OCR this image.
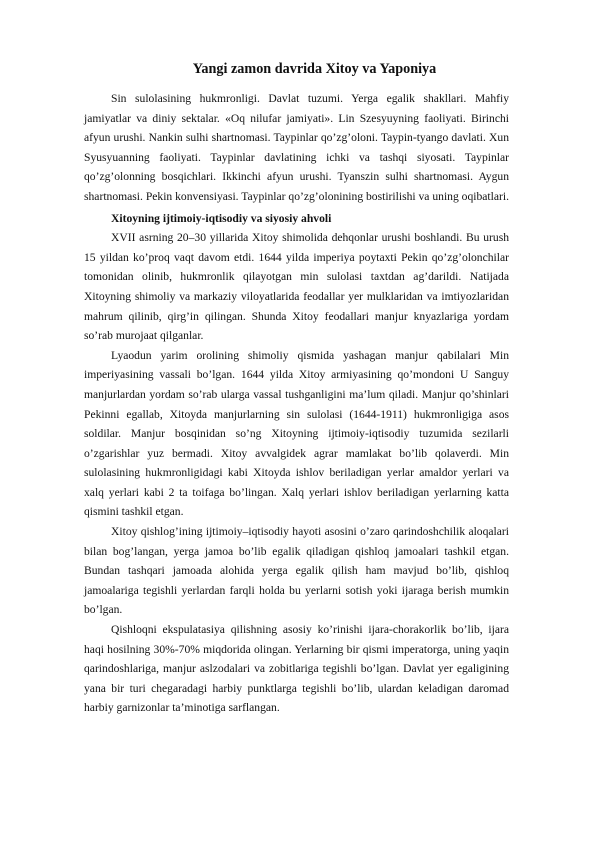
Yangi zamon davrida Xitoy va Yaponiya

Sin sulolasining hukmronligi. Davlat tuzumi. Yerga egalik shakllari. Mahfiy jamiyatlar va diniy sektalar. «Oq nilufar jamiyati». Lin Szesyuyning faoliyati. Birinchi afyun urushi. Nankin sulhi shartnomasi. Taypinlar qo’zg’oloni. Taypin-tyango davlati. Xun Syusyuanning faoliyati. Taypinlar davlatining ichki va tashqi siyosati. Taypinlar qo’zg’olonning bosqichlari. Ikkinchi afyun urushi. Tyanszin sulhi shartnomasi. Aygun shartnomasi. Pekin konvensiyasi. Taypinlar qo’zg’olonining bostirilishi va uning oqibatlari.

Xitoyning ijtimoiy-iqtisodiy va siyosiy ahvoli

XVII asrning 20–30 yillarida Xitoy shimolida dehqonlar urushi boshlandi. Bu urush 15 yildan ko’proq vaqt davom etdi. 1644 yilda imperiya poytaxti Pekin qo’zg’olonchilar tomonidan olinib, hukmronlik qilayotgan min sulolasi taxtdan ag’darildi. Natijada Xitoyning shimoliy va markaziy viloyatlarida feodallar yer mulklaridan va imtiyozlaridan mahrum qilinib, qirg’in qilingan. Shunda Xitoy feodallari manjur knyazlariga yordam so’rab murojaat qilganlar.

Lyaodun yarim orolining shimoliy qismida yashagan manjur qabilalari Min imperiyasining vassali bo’lgan. 1644 yilda Xitoy armiyasining qo’mondoni U Sanguy manjurlardan yordam so’rab ularga vassal tushganligini ma’lum qiladi. Manjur qo’shinlari Pekinni egallab, Xitoyda manjurlarning sin sulolasi (1644-1911) hukmronligiga asos soldilar. Manjur bosqinidan so’ng Xitoyning ijtimoiy-iqtisodiy tuzumida sezilarli o’zgarishlar yuz bermadi. Xitoy avvalgidek agrar mamlakat bo’lib qolaverdi. Min sulolasining hukmronligidagi kabi Xitoyda ishlov beriladigan yerlar amaldor yerlari va xalq yerlari kabi 2 ta toifaga bo’lingan. Xalq yerlari ishlov beriladigan yerlarning katta qismini tashkil etgan.

Xitoy qishlog’ining ijtimoiy–iqtisodiy hayoti asosini o’zaro qarindoshchilik aloqalari bilan bog’langan, yerga jamoa bo’lib egalik qiladigan qishloq jamoalari tashkil etgan. Bundan tashqari jamoada alohida yerga egalik qilish ham mavjud bo’lib, qishloq jamoalariga tegishli yerlardan farqli holda bu yerlarni sotish yoki ijaraga berish mumkin bo’lgan.

Qishloqni ekspulatasiya qilishning asosiy ko’rinishi ijara-chorakorlik bo’lib, ijara haqi hosilning 30%-70% miqdorida olingan. Yerlarning bir qismi imperatorga, uning yaqin qarindoshlariga, manjur aslzodalari va zobitlariga tegishli bo’lgan. Davlat yer egaligining yana bir turi chegaradagi harbiy punktlarga tegishli bo’lib, ulardan keladigan daromad harbiy garnizonlar ta’minotiga sarflangan.
